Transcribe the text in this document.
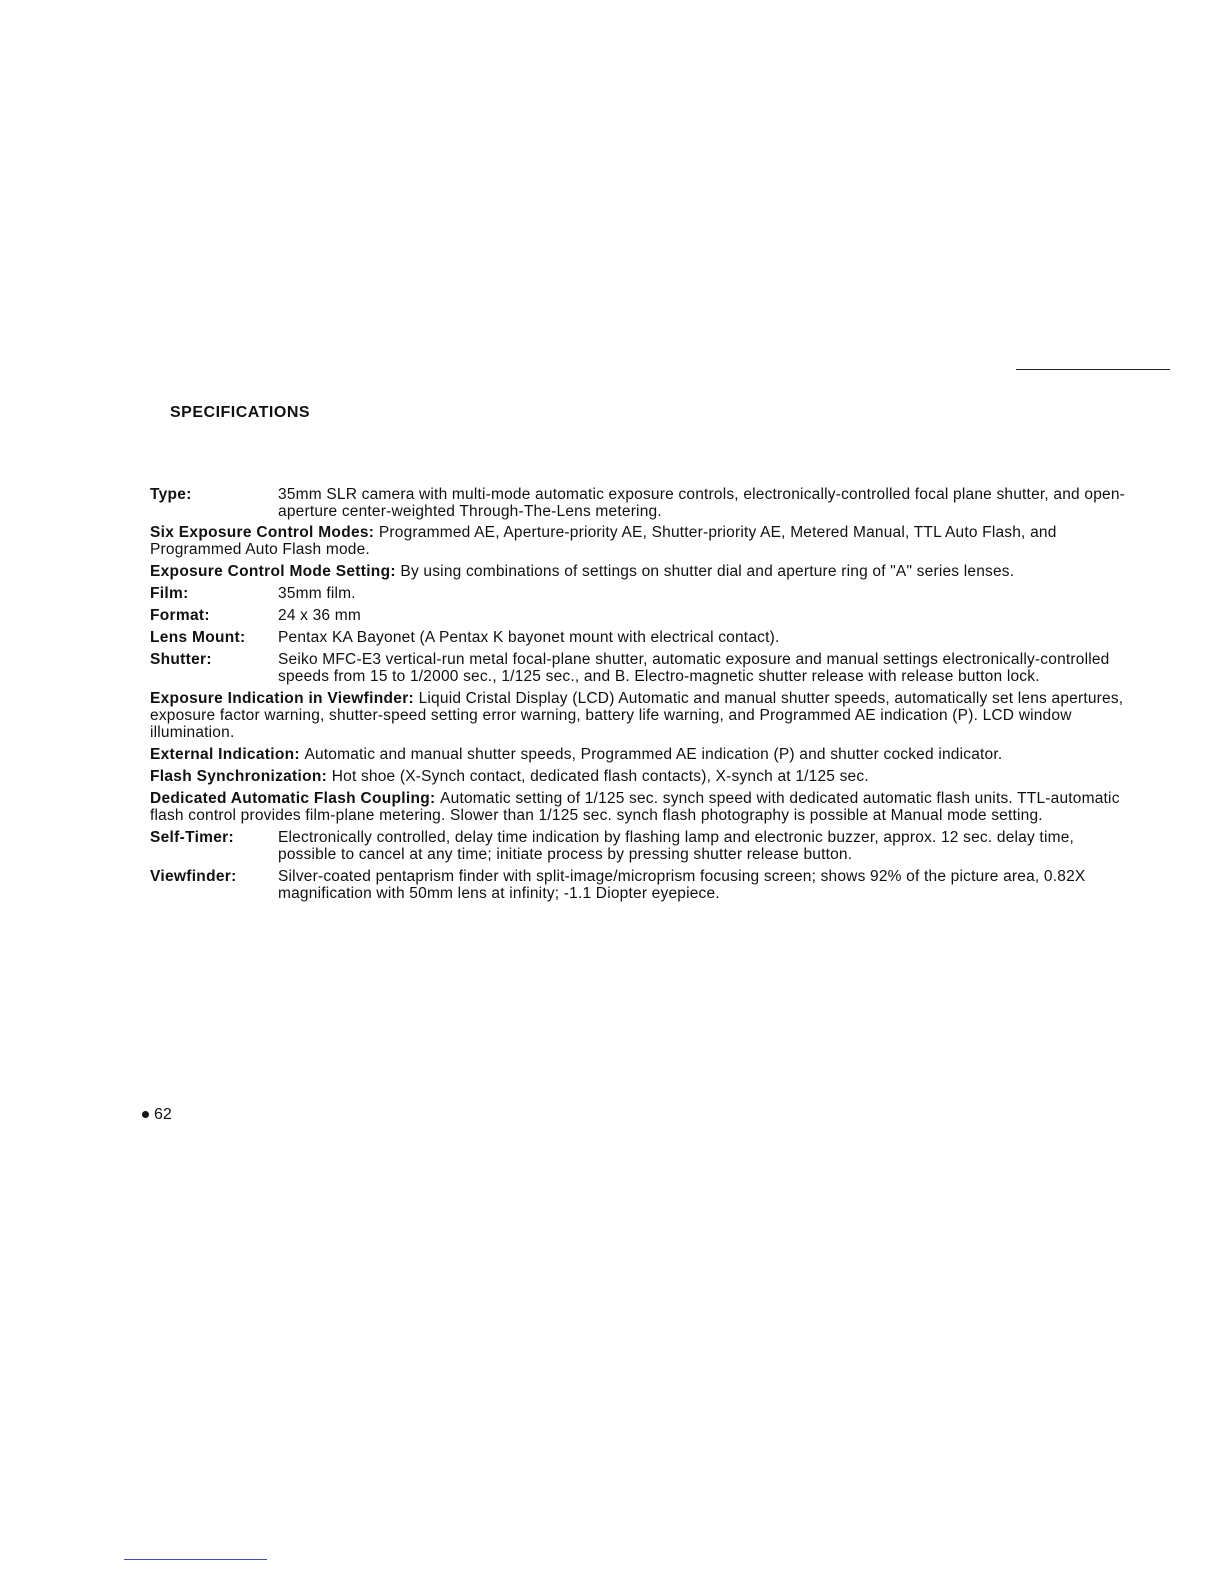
SPECIFICATIONS
Type:	35mm SLR camera with multi-mode automatic exposure controls, electronically-controlled focal plane shutter, and open-aperture center-weighted Through-The-Lens metering.
Six Exposure Control Modes: Programmed AE, Aperture-priority AE, Shutter-priority AE, Metered Manual, TTL Auto Flash, and Programmed Auto Flash mode.
Exposure Control Mode Setting: By using combinations of settings on shutter dial and aperture ring of "A" series lenses.
Film:	35mm film.
Format:	24 x 36 mm
Lens Mount:	Pentax KA Bayonet (A Pentax K bayonet mount with electrical contact).
Shutter:	Seiko MFC-E3 vertical-run metal focal-plane shutter, automatic exposure and manual settings electronically-controlled speeds from 15 to 1/2000 sec., 1/125 sec., and B. Electro-magnetic shutter release with release button lock.
Exposure Indication in Viewfinder: Liquid Cristal Display (LCD) Automatic and manual shutter speeds, automatically set lens apertures, exposure factor warning, shutter-speed setting error warning, battery life warning, and Programmed AE indication (P). LCD window illumination.
External Indication: Automatic and manual shutter speeds, Programmed AE indication (P) and shutter cocked indicator.
Flash Synchronization: Hot shoe (X-Synch contact, dedicated flash contacts), X-synch at 1/125 sec.
Dedicated Automatic Flash Coupling: Automatic setting of 1/125 sec. synch speed with dedicated automatic flash units. TTL-automatic flash control provides film-plane metering. Slower than 1/125 sec. synch flash photography is possible at Manual mode setting.
Self-Timer:	Electronically controlled, delay time indication by flashing lamp and electronic buzzer, approx. 12 sec. delay time, possible to cancel at any time; initiate process by pressing shutter release button.
Viewfinder:	Silver-coated pentaprism finder with split-image/microprism focusing screen; shows 92% of the picture area, 0.82X magnification with 50mm lens at infinity; -1.1 Diopter eyepiece.
62
